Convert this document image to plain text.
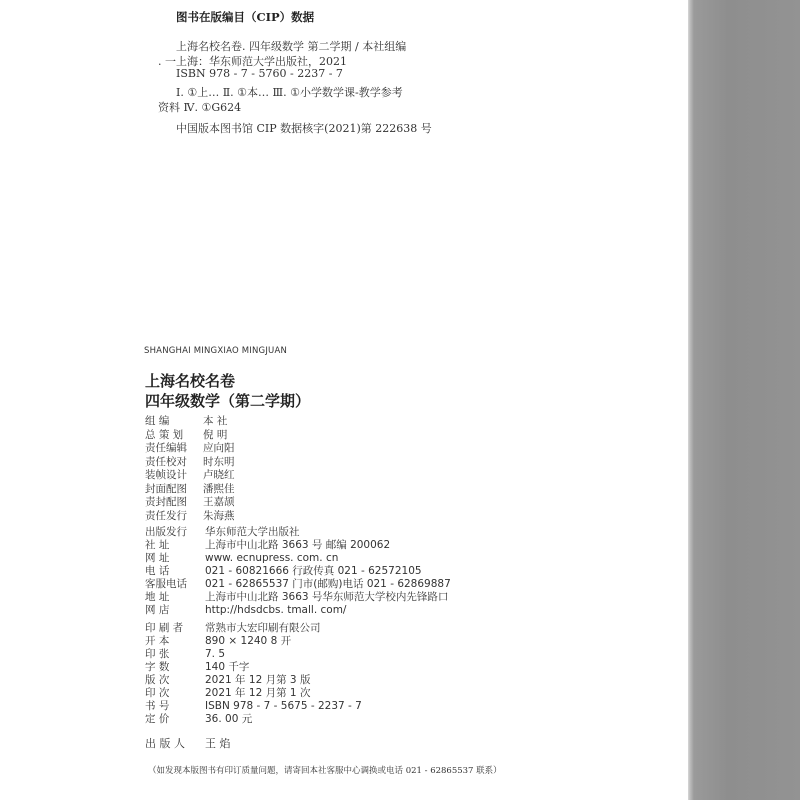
图书在版编目（CIP）数据
上海名校名卷. 四年级数学 第二学期 / 本社组编
. 一上海：华东师范大学出版社，2021
ISBN 978 - 7 - 5760 - 2237 - 7
Ⅰ. ①上… Ⅱ. ①本… Ⅲ. ①小学数学课-教学参考
资料 Ⅳ. ①G624
中国版本图书馆 CIP 数据核字(2021)第 222638 号
SHANGHAI MINGXIAO MINGJUAN
上海名校名卷
四年级数学（第二学期）
组 编	本 社
总 策 划	倪 明
责任编辑	应向阳
责任校对	时东明
装帧设计	卢晓红
封面配图	潘熙佳
责封配图	王嘉颉
责任发行	朱海燕
出版发行	华东师范大学出版社
社 址	上海市中山北路 3663 号 邮编 200062
网 址	www. ecnupress. com. cn
电 话	021 - 60821666 行政传真 021 - 62572105
客服电话	021 - 62865537 门市(邮购)电话 021 - 62869887
地 址	上海市中山北路 3663 号华东师范大学校内先锋路口
网 店	http://hdsdcbs. tmall. com/
印 刷 者	常熟市大宏印刷有限公司
开 本	890 × 1240 8 开
印 张	7. 5
字 数	140 千字
版 次	2021 年 12 月第 3 版
印 次	2021 年 12 月第 1 次
书 号	ISBN 978 - 7 - 5675 - 2237 - 7
定 价	36. 00 元
出 版 人 王 焰
（如发现本版图书有印订质量问题，请寄回本社客服中心调换或电话 021 - 62865537 联系）
